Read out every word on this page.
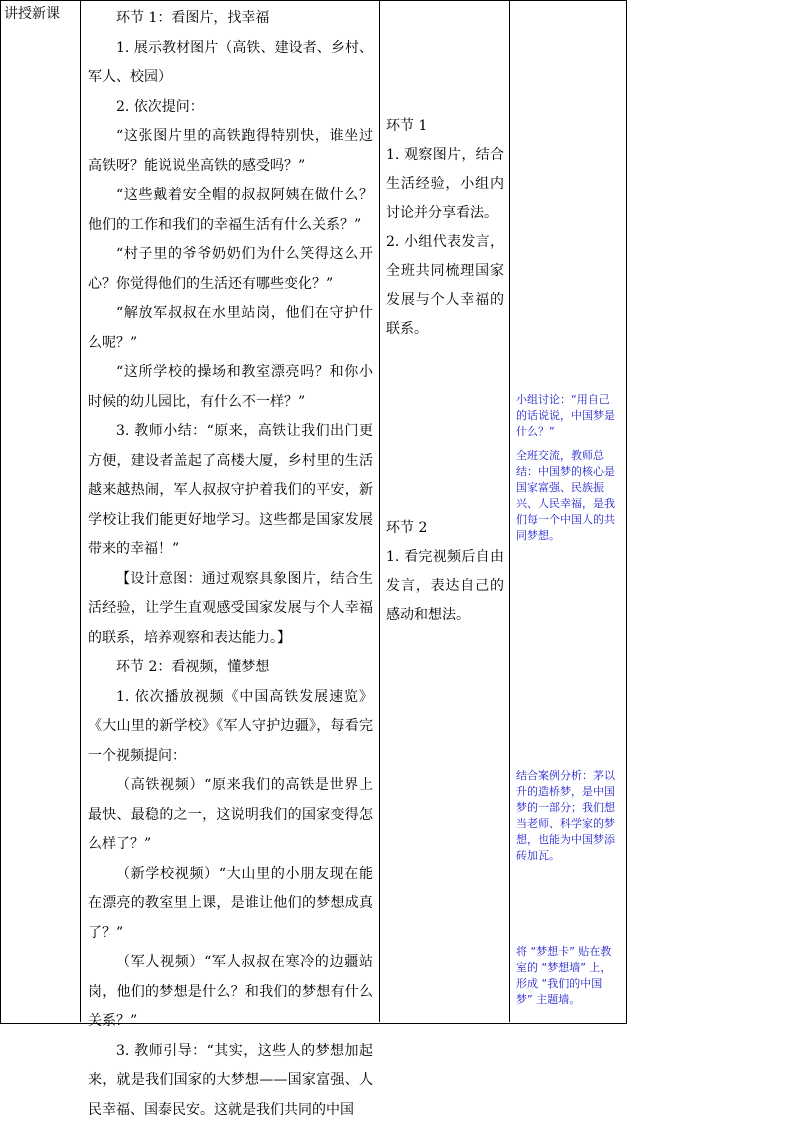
讲授新课	环节 1：看图片，找幸福

1. 展示教材图片（高铁、建设者、乡村、军人、校园）

2. 依次提问：

“这张图片里的高铁跑得特别快，谁坐过高铁呀？能说说坐高铁的感受吗？”

“这些戴着安全帽的叔叔阿姨在做什么？他们的工作和我们的幸福生活有什么关系？”

“村子里的爷爷奶奶们为什么笑得这么开心？你觉得他们的生活还有哪些变化？”

“解放军叔叔在水里站岗，他们在守护什么呢？”

“这所学校的操场和教室漂亮吗？和你小时候的幼儿园比，有什么不一样？”

3. 教师小结：“原来，高铁让我们出门更方便，建设者盖起了高楼大厦，乡村里的生活越来越热闹，军人叔叔守护着我们的平安，新学校让我们能更好地学习。这些都是国家发展带来的幸福！”

【设计意图：通过观察具象图片，结合生活经验，让学生直观感受国家发展与个人幸福的联系，培养观察和表达能力。】

环节 2：看视频，懂梦想

1. 依次播放视频《中国高铁发展速览》《大山里的新学校》《军人守护边疆》，每看完一个视频提问：

（高铁视频）“原来我们的高铁是世界上最快、最稳的之一，这说明我们的国家变得怎么样了？”

（新学校视频）“大山里的小朋友现在能在漂亮的教室里上课，是谁让他们的梦想成真了？”

（军人视频）“军人叔叔在寒冷的边疆站岗，他们的梦想是什么？和我们的梦想有什么关系？”

3. 教师引导：“其实，这些人的梦想加起来，就是我们国家的大梦想——国家富强、人民幸福、国泰民安。这就是我们共同的中国

环节 1

1. 观察图片，结合生活经验，小组内讨论并分享看法。

2. 小组代表发言，全班共同梳理国家发展与个人幸福的联系。

环节 2

1. 看完视频后自由发言，表达自己的感动和想法。

小组讨论：“用自己的话说说，中国梦是什么？”

全班交流，教师总结：中国梦的核心是国家富强、民族振兴、人民幸福，是我们每一个中国人的共同梦想。

结合案例分析：茅以升的造桥梦，是中国梦的一部分；我们想当老师、科学家的梦想，也能为中国梦添砖加瓦。

将 “梦想卡” 贴在教室的 “梦想墙” 上，形成 “我们的中国梦” 主题墙。
